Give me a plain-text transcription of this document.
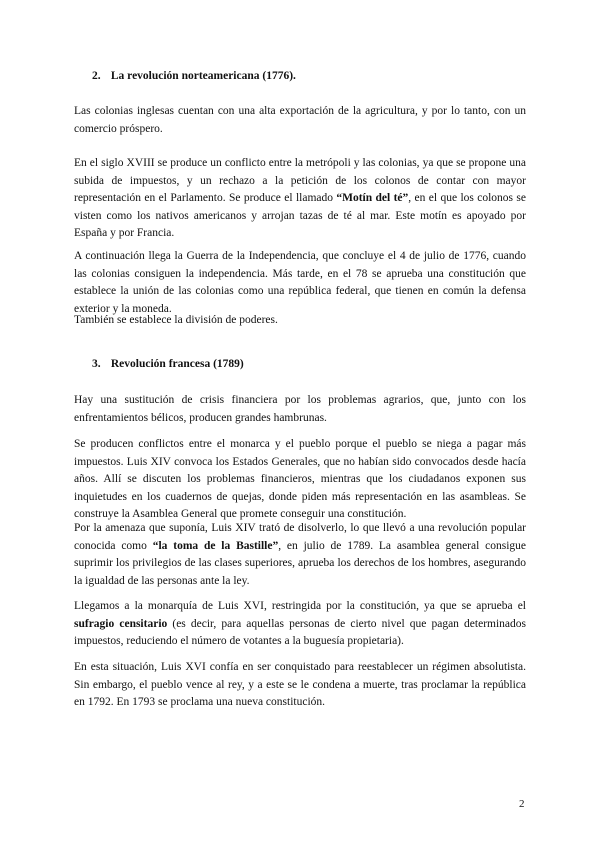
2. La revolución norteamericana (1776).

Las colonias inglesas cuentan con una alta exportación de la agricultura, y por lo tanto, con un comercio próspero.

En el siglo XVIII se produce un conflicto entre la metrópoli y las colonias, ya que se propone una subida de impuestos, y un rechazo a la petición de los colonos de contar con mayor representación en el Parlamento. Se produce el llamado “Motín del té”, en el que los colonos se visten como los nativos americanos y arrojan tazas de té al mar. Este motín es apoyado por España y por Francia.

A continuación llega la Guerra de la Independencia, que concluye el 4 de julio de 1776, cuando las colonias consiguen la independencia. Más tarde, en el 78 se aprueba una constitución que establece la unión de las colonias como una república federal, que tienen en común la defensa exterior y la moneda.

También se establece la división de poderes.

3. Revolución francesa (1789)

Hay una sustitución de crisis financiera por los problemas agrarios, que, junto con los enfrentamientos bélicos, producen grandes hambrunas.

Se producen conflictos entre el monarca y el pueblo porque el pueblo se niega a pagar más impuestos. Luis XIV convoca los Estados Generales, que no habían sido convocados desde hacía años. Allí se discuten los problemas financieros, mientras que los ciudadanos exponen sus inquietudes en los cuadernos de quejas, donde piden más representación en las asambleas. Se construye la Asamblea General que promete conseguir una constitución.

Por la amenaza que suponía, Luis XIV trató de disolverlo, lo que llevó a una revolución popular conocida como “la toma de la Bastille”, en julio de 1789. La asamblea general consigue suprimir los privilegios de las clases superiores, aprueba los derechos de los hombres, asegurando la igualdad de las personas ante la ley.

Llegamos a la monarquía de Luis XVI, restringida por la constitución, ya que se aprueba el sufragio censitario (es decir, para aquellas personas de cierto nivel que pagan determinados impuestos, reduciendo el número de votantes a la buguesía propietaria).

En esta situación, Luis XVI confía en ser conquistado para reestablecer un régimen absolutista. Sin embargo, el pueblo vence al rey, y a este se le condena a muerte, tras proclamar la república en 1792. En 1793 se proclama una nueva constitución.

2
